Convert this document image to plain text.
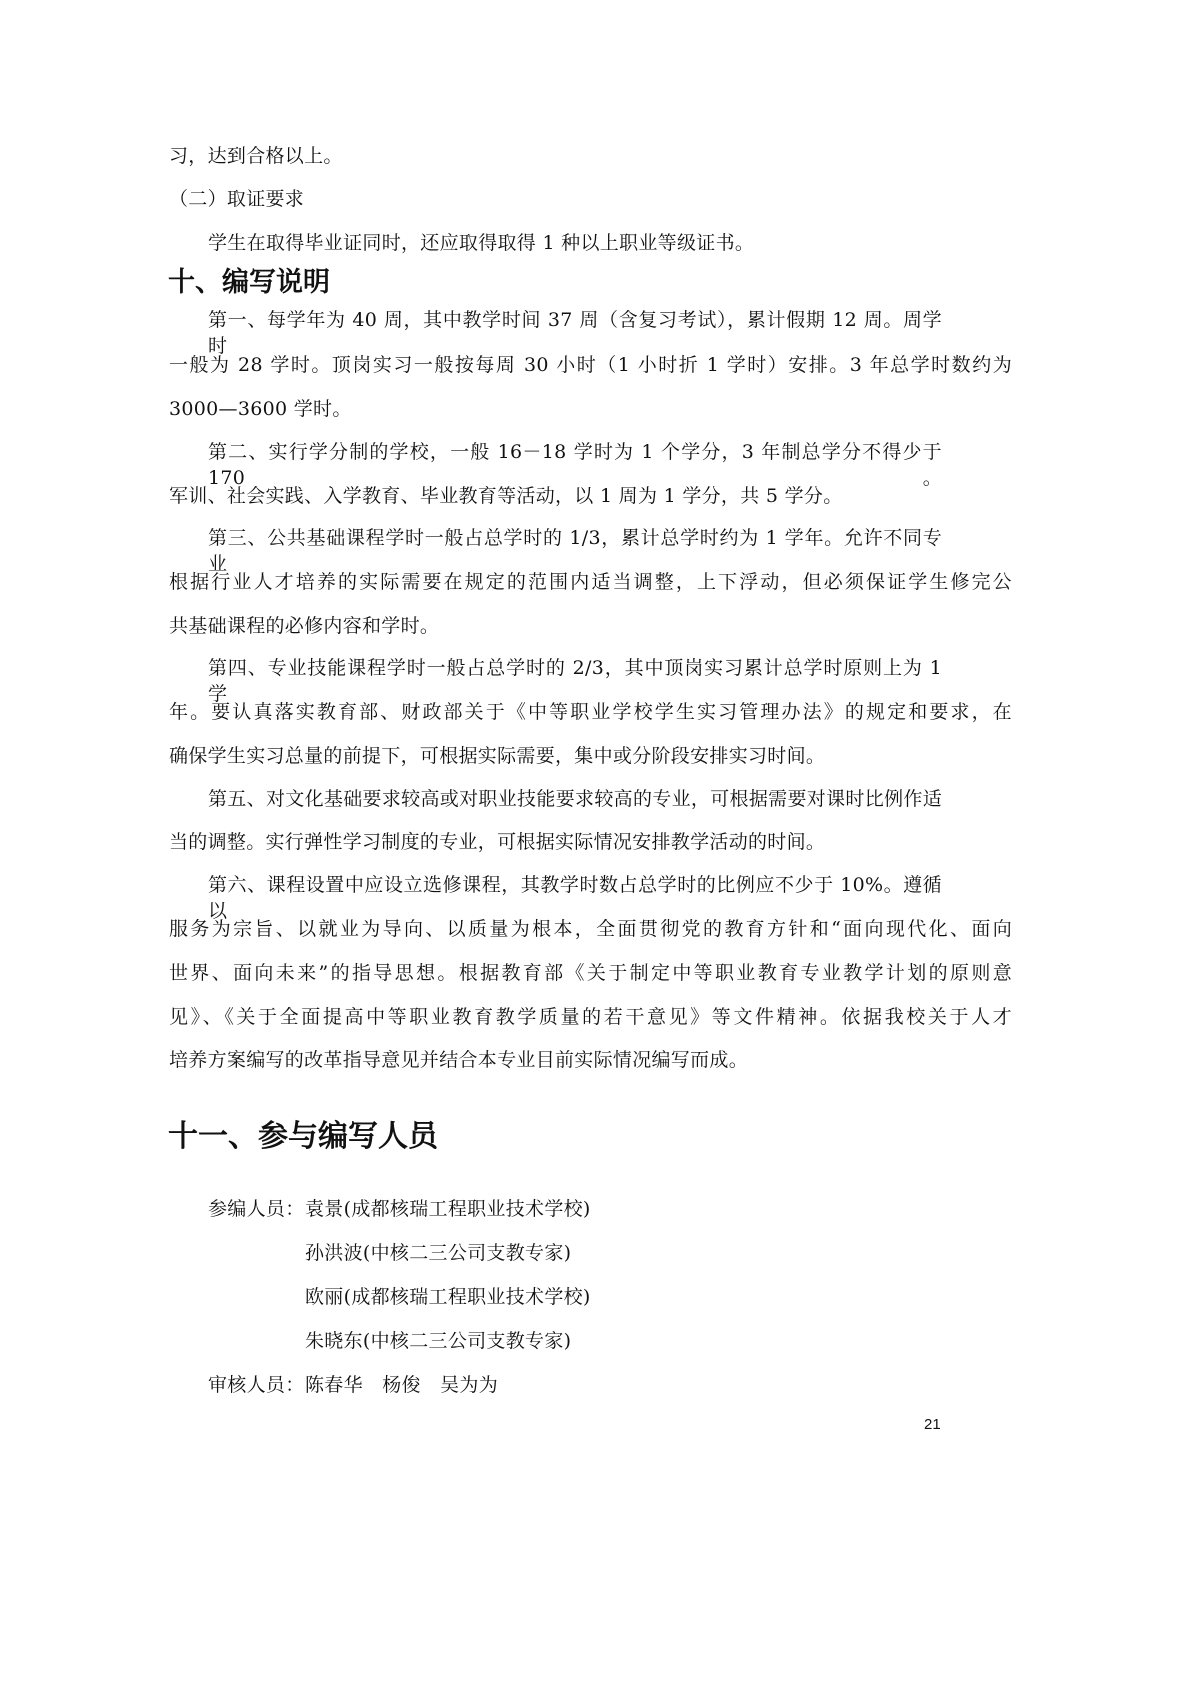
习，达到合格以上。
（二）取证要求
学生在取得毕业证同时，还应取得取得 1 种以上职业等级证书。
十、编写说明
第一、每学年为 40 周，其中教学时间 37 周（含复习考试），累计假期 12 周。周学时
一般为 28 学时。顶岗实习一般按每周 30 小时（1 小时折 1 学时）安排。3 年总学时数约为
3000—3600 学时。
第二、实行学分制的学校，一般 16－18 学时为 1 个学分，3 年制总学分不得少于 170。
军训、社会实践、入学教育、毕业教育等活动，以 1 周为 1 学分，共 5 学分。
第三、公共基础课程学时一般占总学时的 1/3，累计总学时约为 1 学年。允许不同专业
根据行业人才培养的实际需要在规定的范围内适当调整，上下浮动，但必须保证学生修完公
共基础课程的必修内容和学时。
第四、专业技能课程学时一般占总学时的 2/3，其中顶岗实习累计总学时原则上为 1 学
年。要认真落实教育部、财政部关于《中等职业学校学生实习管理办法》的规定和要求，在
确保学生实习总量的前提下，可根据实际需要，集中或分阶段安排实习时间。
第五、对文化基础要求较高或对职业技能要求较高的专业，可根据需要对课时比例作适
当的调整。实行弹性学习制度的专业，可根据实际情况安排教学活动的时间。
第六、课程设置中应设立选修课程，其教学时数占总学时的比例应不少于 10%。遵循以
服务为宗旨、以就业为导向、以质量为根本，全面贯彻党的教育方针和“面向现代化、面向
世界、面向未来”的指导思想。根据教育部《关于制定中等职业教育专业教学计划的原则意
见》、《关于全面提高中等职业教育教学质量的若干意见》等文件精神。依据我校关于人才
培养方案编写的改革指导意见并结合本专业目前实际情况编写而成。
十一、参与编写人员
参编人员： 袁景(成都核瑞工程职业技术学校)
孙洪波(中核二三公司支教专家)
欧丽(成都核瑞工程职业技术学校)
朱晓东(中核二三公司支教专家)
审核人员： 陈春华　杨俊　吴为为
21
